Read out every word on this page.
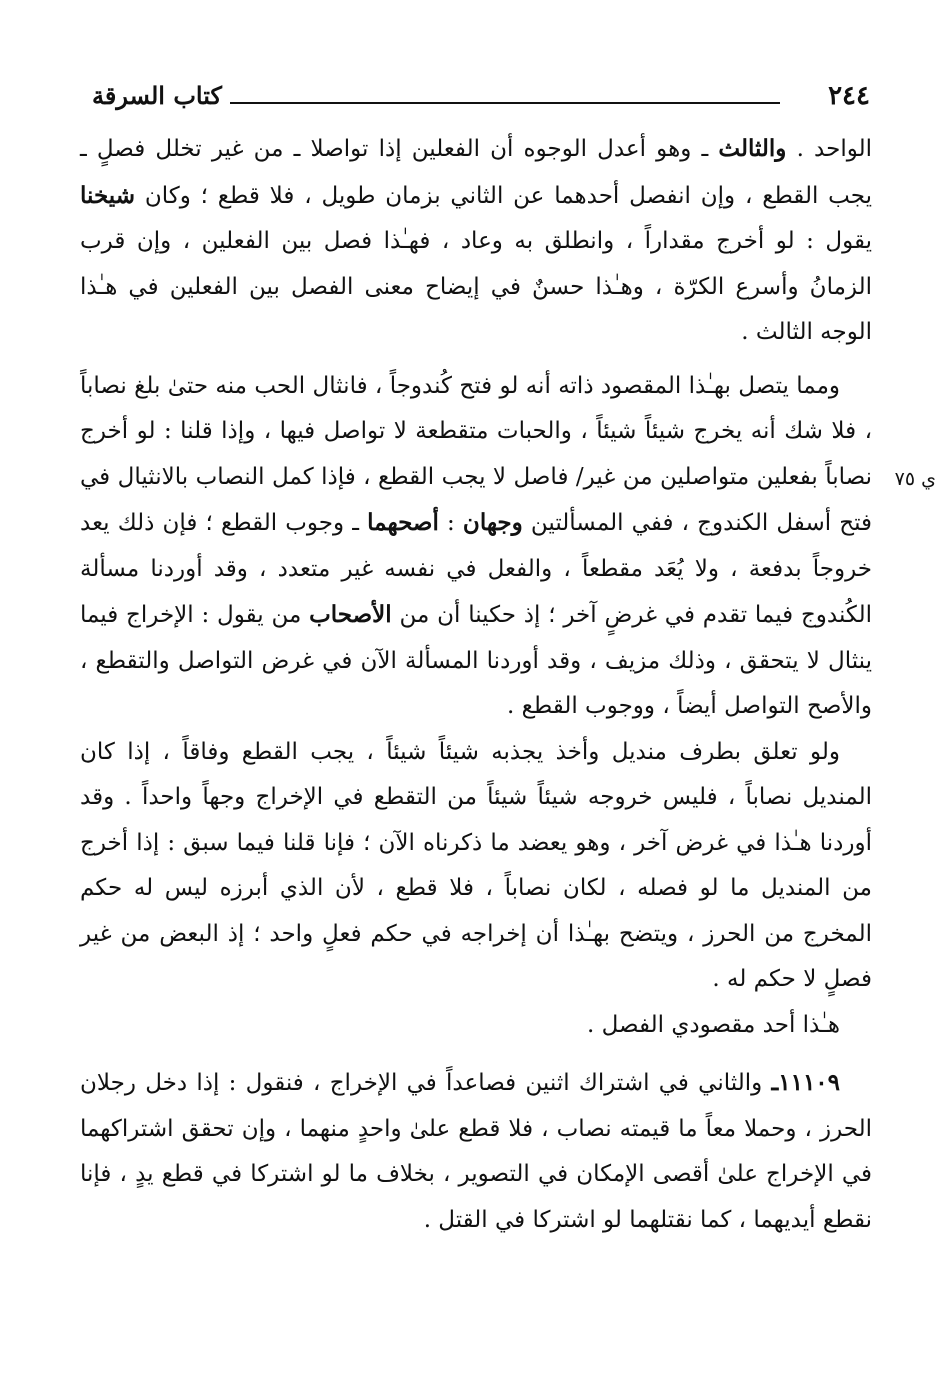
٢٤٤
كتاب السرقة
ي ٧٥

الواحد . والثالث ـ وهو أعدل الوجوه أن الفعلين إذا تواصلا ـ من غير تخلل فصلٍ ـ يجب القطع ، وإن انفصل أحدهما عن الثاني بزمان طويل ، فلا قطع ؛ وكان شيخنا يقول : لو أخرج مقداراً ، وانطلق به وعاد ، فهـٰذا فصل بين الفعلين ، وإن قرب الزمانُ وأسرع الكرّة ، وهـٰذا حسنٌ في إيضاح معنى الفصل بين الفعلين في هـٰذا الوجه الثالث .

ومما يتصل بهـٰذا المقصود ذاته أنه لو فتح كُندوجاً ، فانثال الحب منه حتىٰ بلغ نصاباً ، فلا شك أنه يخرج شيئاً شيئاً ، والحبات متقطعة لا تواصل فيها ، وإذا قلنا : لو أخرج نصاباً بفعلين متواصلين من غير/ فاصل لا يجب القطع ، فإذا كمل النصاب بالانثيال في فتح أسفل الكندوج ، ففي المسألتين وجهان : أصحهما ـ وجوب القطع ؛ فإن ذلك يعد خروجاً بدفعة ، ولا يُعَد مقطعاً ، والفعل في نفسه غير متعدد ، وقد أوردنا مسألة الكُندوج فيما تقدم في غرضٍ آخر ؛ إذ حكينا أن من الأصحاب من يقول : الإخراج فيما ينثال لا يتحقق ، وذلك مزيف ، وقد أوردنا المسألة الآن في غرض التواصل والتقطع ، والأصح التواصل أيضاً ، ووجوب القطع .

ولو تعلق بطرف منديل وأخذ يجذبه شيئاً شيئاً ، يجب القطع وفاقاً ، إذا كان المنديل نصاباً ، فليس خروجه شيئاً شيئاً من التقطع في الإخراج وجهاً واحداً . وقد أوردنا هـٰذا في غرض آخر ، وهو يعضد ما ذكرناه الآن ؛ فإنا قلنا فيما سبق : إذا أخرج من المنديل ما لو فصله ، لكان نصاباً ، فلا قطع ، لأن الذي أبرزه ليس له حكم المخرج من الحرز ، ويتضح بهـٰذا أن إخراجه في حكم فعلٍ واحد ؛ إذ البعض من غير فصلٍ لا حكم له .

هـٰذا أحد مقصودي الفصل .

١١١٠٩ـ والثاني في اشتراك اثنين فصاعداً في الإخراج ، فنقول : إذا دخل رجلان الحرز ، وحملا معاً ما قيمته نصاب ، فلا قطع علىٰ واحدٍ منهما ، وإن تحقق اشتراكهما في الإخراج علىٰ أقصى الإمكان في التصوير ، بخلاف ما لو اشتركا في قطع يدٍ ، فإنا نقطع أيديهما ، كما نقتلهما لو اشتركا في القتل .
